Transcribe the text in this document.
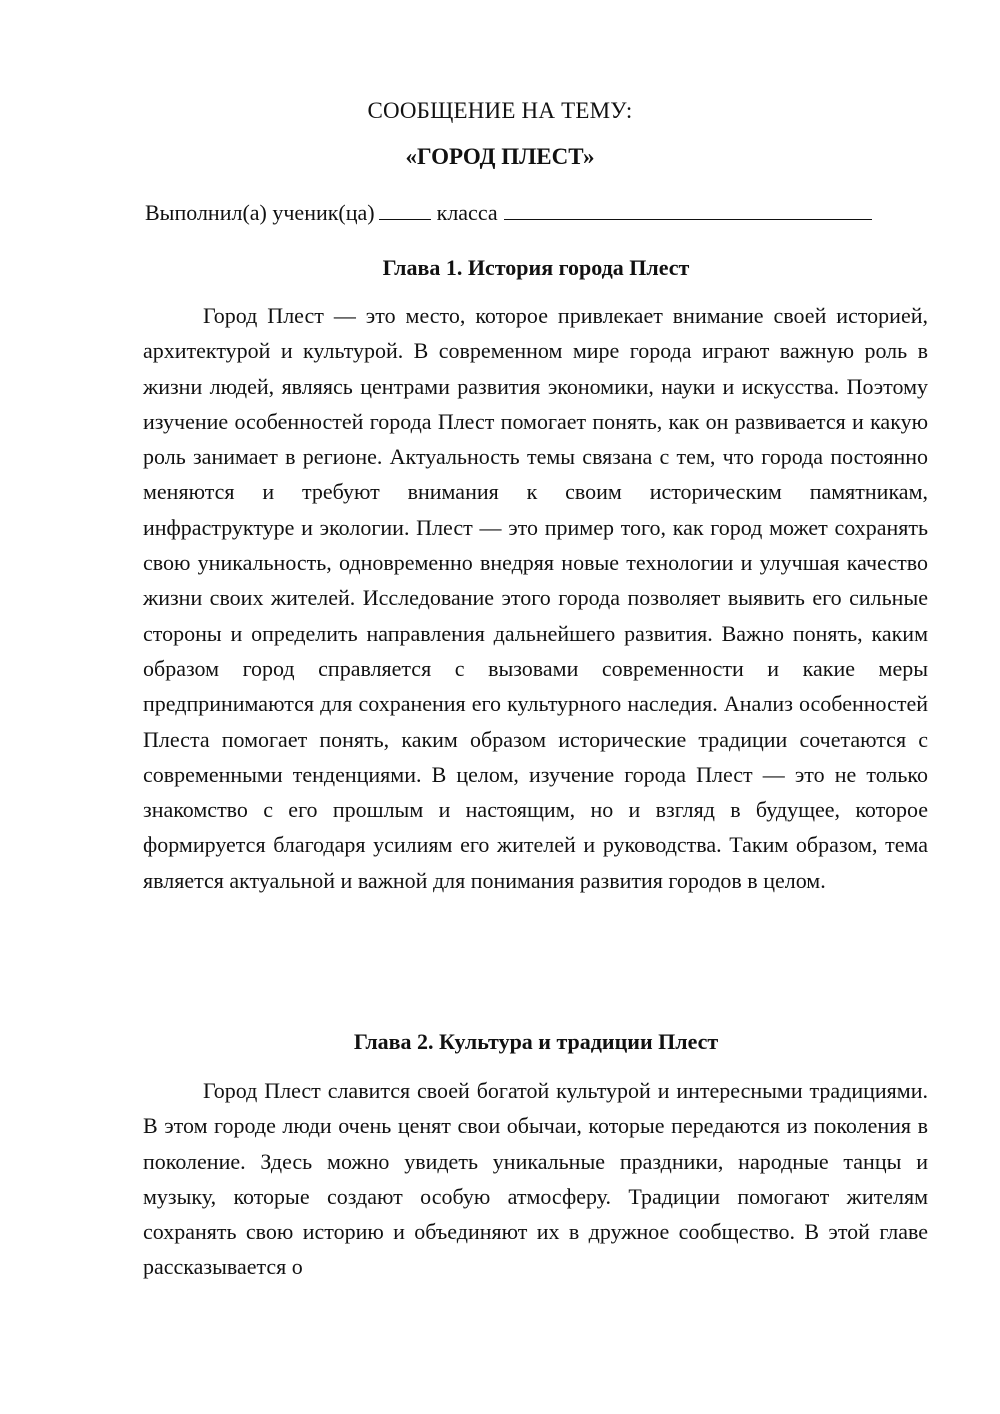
СООБЩЕНИЕ НА ТЕМУ:
«ГОРОД ПЛЕСТ»
Выполнил(а) ученик(ца)	класса
Глава 1. История города Плест

Город Плест — это место, которое привлекает внимание своей историей, архитектурой и культурой. В современном мире города играют важную роль в жизни людей, являясь центрами развития экономики, науки и искусства. Поэтому изучение особенностей города Плест помогает понять, как он развивается и какую роль занимает в регионе. Актуальность темы связана с тем, что города постоянно меняются и требуют внимания к своим историческим памятникам, инфраструктуре и экологии. Плест — это пример того, как город может сохранять свою уникальность, одновременно внедряя новые технологии и улучшая качество жизни своих жителей. Исследование этого города позволяет выявить его сильные стороны и определить направления дальнейшего развития. Важно понять, каким образом город справляется с вызовами современности и какие меры предпринимаются для сохранения его культурного наследия. Анализ особенностей Плеста помогает понять, каким образом исторические традиции сочетаются с современными тенденциями. В целом, изучение города Плест — это не только знакомство с его прошлым и настоящим, но и взгляд в будущее, которое формируется благодаря усилиям его жителей и руководства. Таким образом, тема является актуальной и важной для понимания развития городов в целом.

Глава 2. Культура и традиции Плест

Город Плест славится своей богатой культурой и интересными традициями. В этом городе люди очень ценят свои обычаи, которые передаются из поколения в поколение. Здесь можно увидеть уникальные праздники, народные танцы и музыку, которые создают особую атмосферу. Традиции помогают жителям сохранять свою историю и объединяют их в дружное сообщество. В этой главе рассказывается о
